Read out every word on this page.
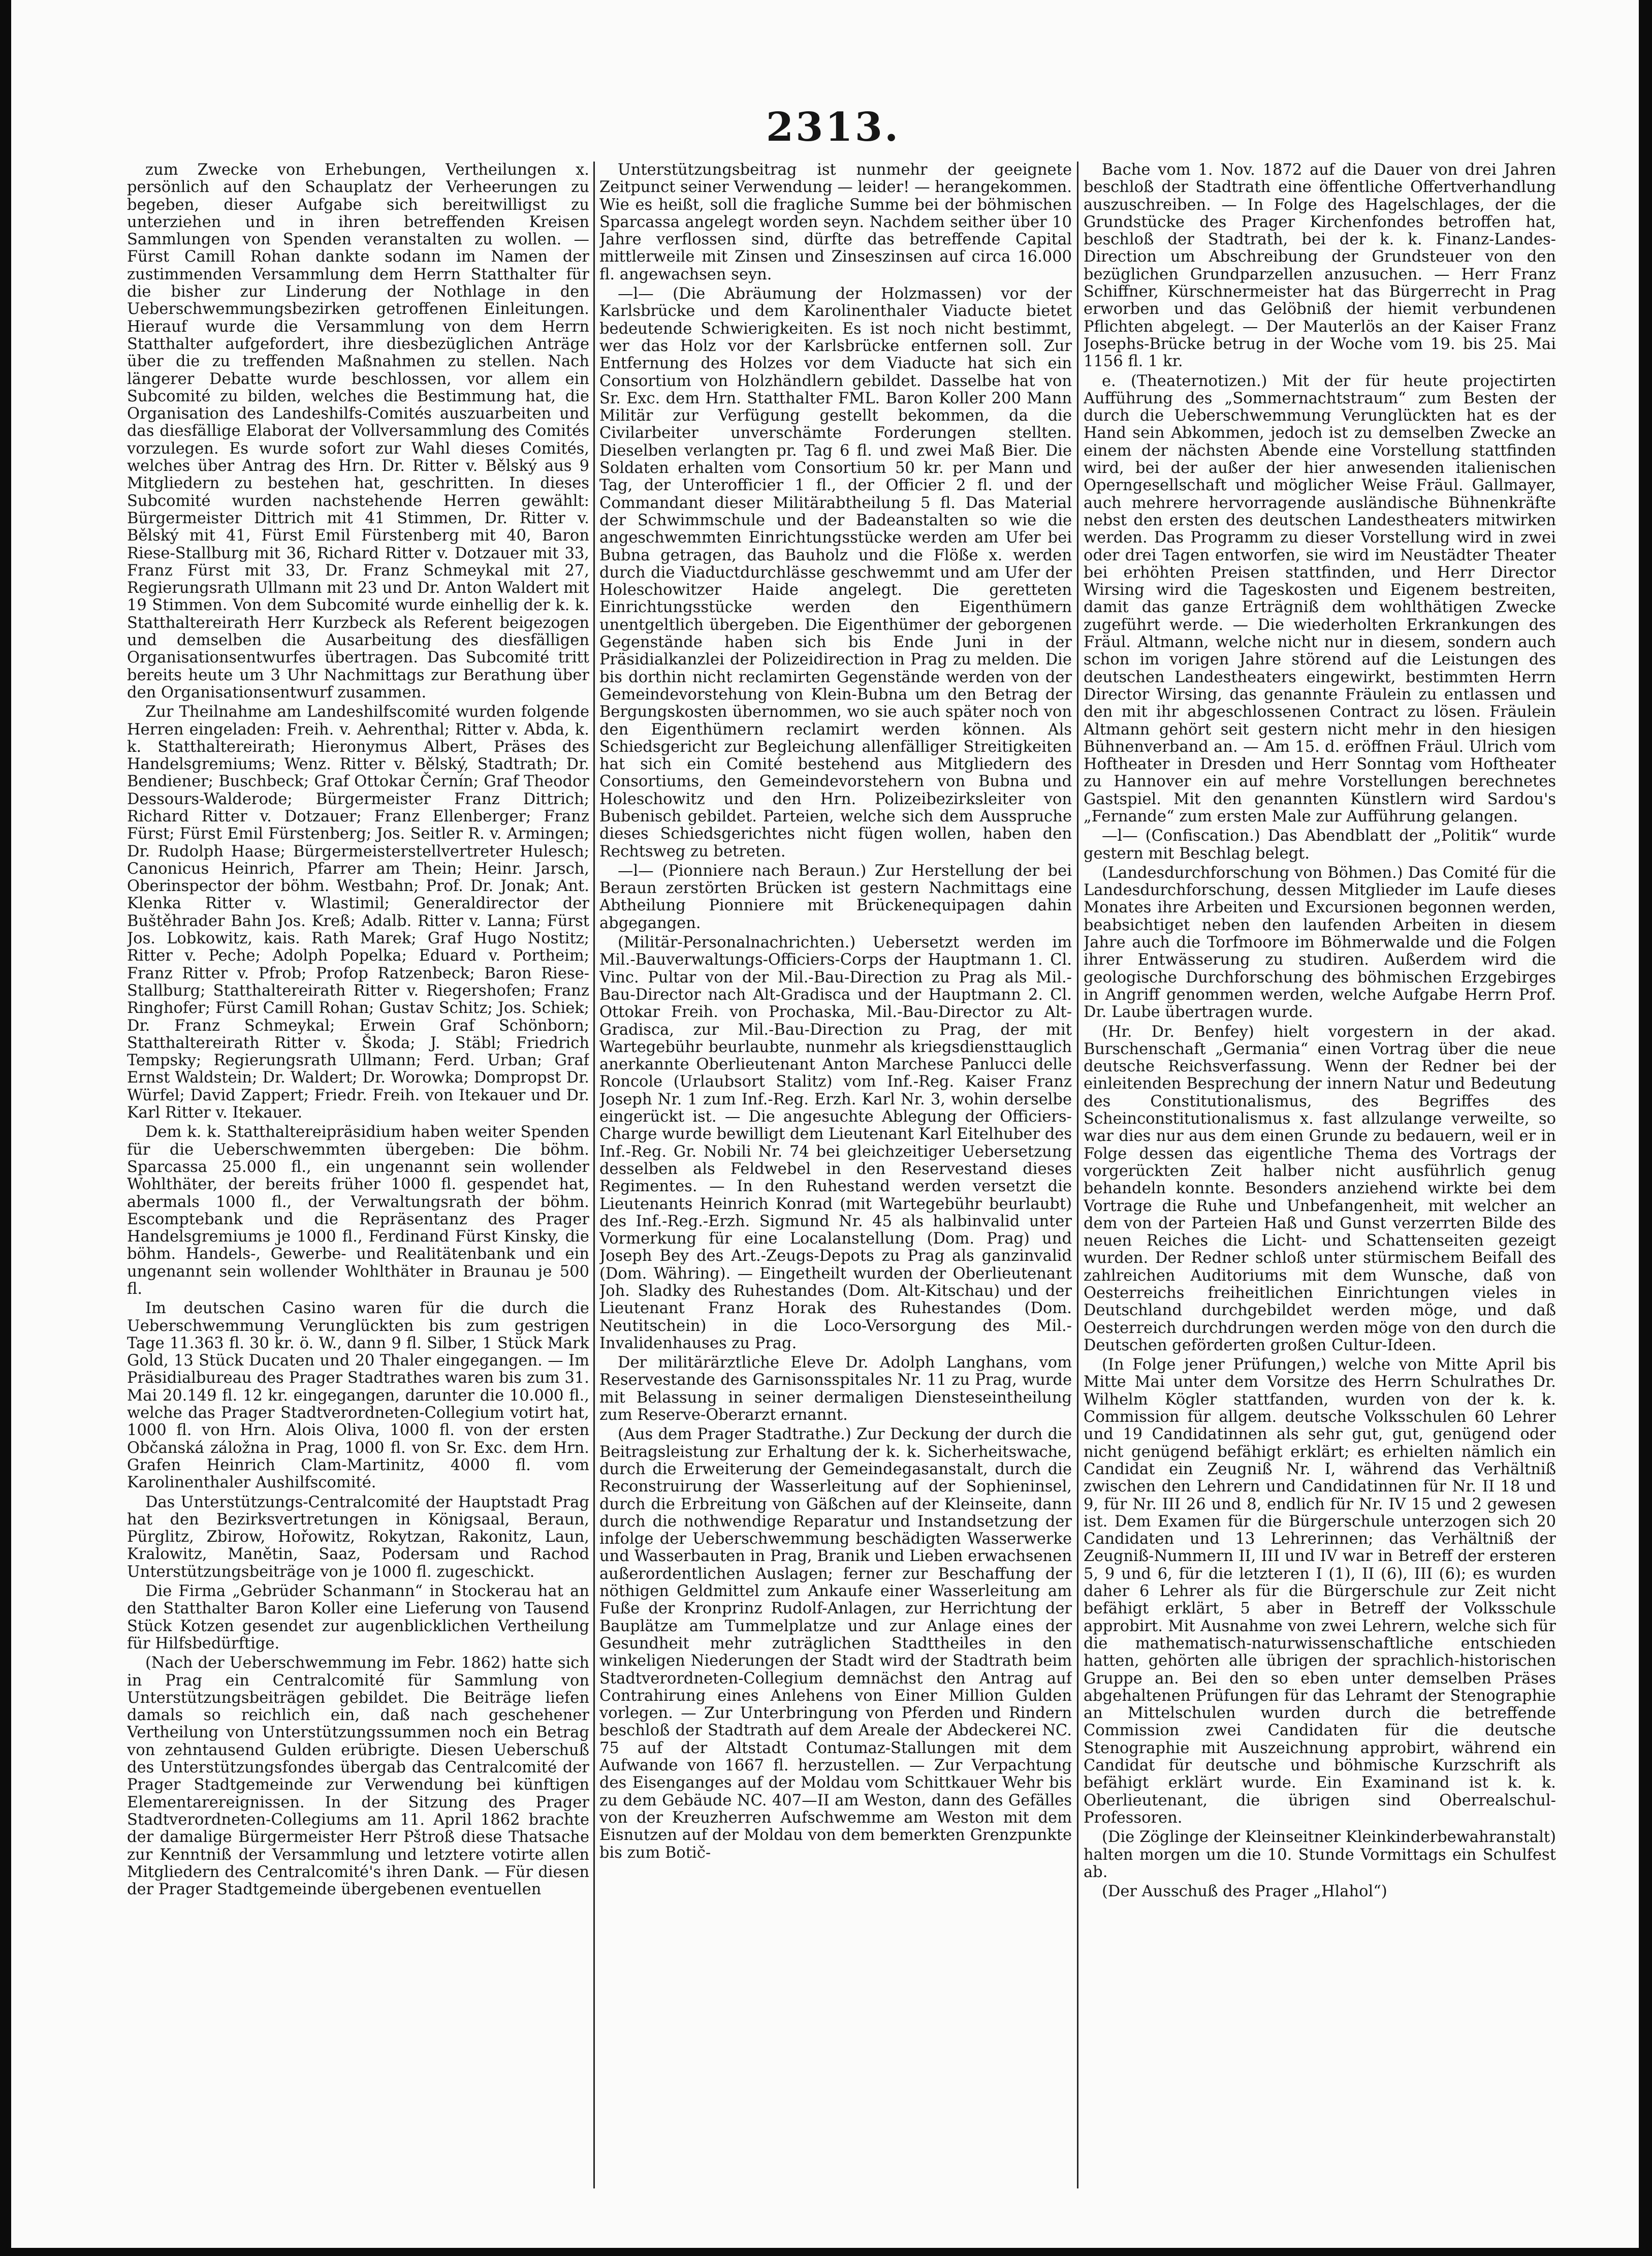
2313.

zum Zwecke von Erhebungen, Vertheilungen x. persönlich auf den Schauplatz der Verheerungen zu begeben, dieser Aufgabe sich bereitwilligst zu unterziehen und in ihren betreffenden Kreisen Sammlungen von Spenden veranstalten zu wollen. — Fürst Camill Rohan dankte sodann im Namen der zustimmenden Versammlung dem Herrn Statthalter für die bisher zur Linderung der Nothlage in den Ueberschwemmungsbezirken getroffenen Einleitungen. Hierauf wurde die Versammlung von dem Herrn Statthalter aufgefordert, ihre diesbezüglichen Anträge über die zu treffenden Maßnahmen zu stellen. Nach längerer Debatte wurde beschlossen, vor allem ein Subcomité zu bilden, welches die Bestimmung hat, die Organisation des Landeshilfs-Comités auszuarbeiten und das diesfällige Elaborat der Vollversammlung des Comités vorzulegen. Es wurde sofort zur Wahl dieses Comités, welches über Antrag des Hrn. Dr. Ritter v. Bělský aus 9 Mitgliedern zu bestehen hat, geschritten. In dieses Subcomité wurden nachstehende Herren gewählt: Bürgermeister Dittrich mit 41 Stimmen, Dr. Ritter v. Bělský mit 41, Fürst Emil Fürstenberg mit 40, Baron Riese-Stallburg mit 36, Richard Ritter v. Dotzauer mit 33, Franz Fürst mit 33, Dr. Franz Schmeykal mit 27, Regierungsrath Ullmann mit 23 und Dr. Anton Waldert mit 19 Stimmen. Von dem Subcomité wurde einhellig der k. k. Statthaltereirath Herr Kurzbeck als Referent beigezogen und demselben die Ausarbeitung des diesfälligen Organisationsentwurfes übertragen. Das Subcomité tritt bereits heute um 3 Uhr Nachmittags zur Berathung über den Organisationsentwurf zusammen.

Zur Theilnahme am Landeshilfscomité wurden folgende Herren eingeladen: Freih. v. Aehrenthal; Ritter v. Abda, k. k. Statthaltereirath; Hieronymus Albert, Präses des Handelsgremiums; Wenz. Ritter v. Bělský, Stadtrath; Dr. Bendiener; Buschbeck; Graf Ottokar Černín; Graf Theodor Dessours-Walderode; Bürgermeister Franz Dittrich; Richard Ritter v. Dotzauer; Franz Ellenberger; Franz Fürst; Fürst Emil Fürstenberg; Jos. Seitler R. v. Armingen; Dr. Rudolph Haase; Bürgermeisterstellvertreter Hulesch; Canonicus Heinrich, Pfarrer am Thein; Heinr. Jarsch, Oberinspector der böhm. Westbahn; Prof. Dr. Jonak; Ant. Klenka Ritter v. Wlastimil; Generaldirector der Buštěhrader Bahn Jos. Kreß; Adalb. Ritter v. Lanna; Fürst Jos. Lobkowitz, kais. Rath Marek; Graf Hugo Nostitz; Ritter v. Peche; Adolph Popelka; Eduard v. Portheim; Franz Ritter v. Pfrob; Profop Ratzenbeck; Baron Riese-Stallburg; Statthaltereirath Ritter v. Riegershofen; Franz Ringhofer; Fürst Camill Rohan; Gustav Schitz; Jos. Schiek; Dr. Franz Schmeykal; Erwein Graf Schönborn; Statthaltereirath Ritter v. Škoda; J. Stäbl; Friedrich Tempsky; Regierungsrath Ullmann; Ferd. Urban; Graf Ernst Waldstein; Dr. Waldert; Dr. Worowka; Dompropst Dr. Würfel; David Zappert; Friedr. Freih. von Itekauer und Dr. Karl Ritter v. Itekauer.

Dem k. k. Statthaltereipräsidium haben weiter Spenden für die Ueberschwemmten übergeben: Die böhm. Sparcassa 25.000 fl., ein ungenannt sein wollender Wohlthäter, der bereits früher 1000 fl. gespendet hat, abermals 1000 fl., der Verwaltungsrath der böhm. Escomptebank und die Repräsentanz des Prager Handelsgremiums je 1000 fl., Ferdinand Fürst Kinsky, die böhm. Handels-, Gewerbe- und Realitätenbank und ein ungenannt sein wollender Wohlthäter in Braunau je 500 fl.

Im deutschen Casino waren für die durch die Ueberschwemmung Verunglückten bis zum gestrigen Tage 11.363 fl. 30 kr. ö. W., dann 9 fl. Silber, 1 Stück Mark Gold, 13 Stück Ducaten und 20 Thaler eingegangen. — Im Präsidialbureau des Prager Stadtrathes waren bis zum 31. Mai 20.149 fl. 12 kr. eingegangen, darunter die 10.000 fl., welche das Prager Stadtverordneten-Collegium votirt hat, 1000 fl. von Hrn. Alois Oliva, 1000 fl. von der ersten Občanská záložna in Prag, 1000 fl. von Sr. Exc. dem Hrn. Grafen Heinrich Clam-Martinitz, 4000 fl. vom Karolinenthaler Aushilfscomité.

Das Unterstützungs-Centralcomité der Hauptstadt Prag hat den Bezirksvertretungen in Königsaal, Beraun, Pürglitz, Zbirow, Hořowitz, Rokytzan, Rakonitz, Laun, Kralowitz, Manětin, Saaz, Podersam und Rachod Unterstützungsbeiträge von je 1000 fl. zugeschickt.

Die Firma „Gebrüder Schanmann“ in Stockerau hat an den Statthalter Baron Koller eine Lieferung von Tausend Stück Kotzen gesendet zur augenblicklichen Vertheilung für Hilfsbedürftige.

(Nach der Ueberschwemmung im Febr. 1862) hatte sich in Prag ein Centralcomité für Sammlung von Unterstützungsbeiträgen gebildet. Die Beiträge liefen damals so reichlich ein, daß nach geschehener Vertheilung von Unterstützungssummen noch ein Betrag von zehntausend Gulden erübrigte. Diesen Ueberschuß des Unterstützungsfondes übergab das Centralcomité der Prager Stadtgemeinde zur Verwendung bei künftigen Elementarereignissen. In der Sitzung des Prager Stadtverordneten-Collegiums am 11. April 1862 brachte der damalige Bürgermeister Herr Pštroß diese Thatsache zur Kenntniß der Versammlung und letztere votirte allen Mitgliedern des Centralcomité's ihren Dank. — Für diesen der Prager Stadtgemeinde übergebenen eventuellen

Unterstützungsbeitrag ist nunmehr der geeignete Zeitpunct seiner Verwendung — leider! — herangekommen. Wie es heißt, soll die fragliche Summe bei der böhmischen Sparcassa angelegt worden seyn. Nachdem seither über 10 Jahre verflossen sind, dürfte das betreffende Capital mittlerweile mit Zinsen und Zinseszinsen auf circa 16.000 fl. angewachsen seyn.

—l— (Die Abräumung der Holzmassen) vor der Karlsbrücke und dem Karolinenthaler Viaducte bietet bedeutende Schwierigkeiten. Es ist noch nicht bestimmt, wer das Holz vor der Karlsbrücke entfernen soll. Zur Entfernung des Holzes vor dem Viaducte hat sich ein Consortium von Holzhändlern gebildet. Dasselbe hat von Sr. Exc. dem Hrn. Statthalter FML. Baron Koller 200 Mann Militär zur Verfügung gestellt bekommen, da die Civilarbeiter unverschämte Forderungen stellten. Dieselben verlangten pr. Tag 6 fl. und zwei Maß Bier. Die Soldaten erhalten vom Consortium 50 kr. per Mann und Tag, der Unterofficier 1 fl., der Officier 2 fl. und der Commandant dieser Militärabtheilung 5 fl. Das Material der Schwimmschule und der Badeanstalten so wie die angeschwemmten Einrichtungsstücke werden am Ufer bei Bubna getragen, das Bauholz und die Flöße x. werden durch die Viaductdurchlässe geschwemmt und am Ufer der Holeschowitzer Haide angelegt. Die geretteten Einrichtungsstücke werden den Eigenthümern unentgeltlich übergeben. Die Eigenthümer der geborgenen Gegenstände haben sich bis Ende Juni in der Präsidialkanzlei der Polizeidirection in Prag zu melden. Die bis dorthin nicht reclamirten Gegenstände werden von der Gemeindevorstehung von Klein-Bubna um den Betrag der Bergungskosten übernommen, wo sie auch später noch von den Eigenthümern reclamirt werden können. Als Schiedsgericht zur Begleichung allenfälliger Streitigkeiten hat sich ein Comité bestehend aus Mitgliedern des Consortiums, den Gemeindevorstehern von Bubna und Holeschowitz und den Hrn. Polizeibezirksleiter von Bubenisch gebildet. Parteien, welche sich dem Ausspruche dieses Schiedsgerichtes nicht fügen wollen, haben den Rechtsweg zu betreten.

—l— (Pionniere nach Beraun.) Zur Herstellung der bei Beraun zerstörten Brücken ist gestern Nachmittags eine Abtheilung Pionniere mit Brückenequipagen dahin abgegangen.

(Militär-Personalnachrichten.) Uebersetzt werden im Mil.-Bauverwaltungs-Officiers-Corps der Hauptmann 1. Cl. Vinc. Pultar von der Mil.-Bau-Direction zu Prag als Mil.-Bau-Director nach Alt-Gradisca und der Hauptmann 2. Cl. Ottokar Freih. von Prochaska, Mil.-Bau-Director zu Alt-Gradisca, zur Mil.-Bau-Direction zu Prag, der mit Wartegebühr beurlaubte, nunmehr als kriegsdiensttauglich anerkannte Oberlieutenant Anton Marchese Panlucci delle Roncole (Urlaubsort Stalitz) vom Inf.-Reg. Kaiser Franz Joseph Nr. 1 zum Inf.-Reg. Erzh. Karl Nr. 3, wohin derselbe eingerückt ist. — Die angesuchte Ablegung der Officiers-Charge wurde bewilligt dem Lieutenant Karl Eitelhuber des Inf.-Reg. Gr. Nobili Nr. 74 bei gleichzeitiger Uebersetzung desselben als Feldwebel in den Reservestand dieses Regimentes. — In den Ruhestand werden versetzt die Lieutenants Heinrich Konrad (mit Wartegebühr beurlaubt) des Inf.-Reg.-Erzh. Sigmund Nr. 45 als halbinvalid unter Vormerkung für eine Localanstellung (Dom. Prag) und Joseph Bey des Art.-Zeugs-Depots zu Prag als ganzinvalid (Dom. Währing). — Eingetheilt wurden der Oberlieutenant Joh. Sladky des Ruhestandes (Dom. Alt-Kitschau) und der Lieutenant Franz Horak des Ruhestandes (Dom. Neutitschein) in die Loco-Versorgung des Mil.-Invalidenhauses zu Prag.

Der militärärztliche Eleve Dr. Adolph Langhans, vom Reservestande des Garnisonsspitales Nr. 11 zu Prag, wurde mit Belassung in seiner dermaligen Diensteseintheilung zum Reserve-Oberarzt ernannt.

(Aus dem Prager Stadtrathe.) Zur Deckung der durch die Beitragsleistung zur Erhaltung der k. k. Sicherheitswache, durch die Erweiterung der Gemeindegasanstalt, durch die Reconstruirung der Wasserleitung auf der Sophieninsel, durch die Erbreitung von Gäßchen auf der Kleinseite, dann durch die nothwendige Reparatur und Instandsetzung der infolge der Ueberschwemmung beschädigten Wasserwerke und Wasserbauten in Prag, Branik und Lieben erwachsenen außerordentlichen Auslagen; ferner zur Beschaffung der nöthigen Geldmittel zum Ankaufe einer Wasserleitung am Fuße der Kronprinz Rudolf-Anlagen, zur Herrichtung der Bauplätze am Tummelplatze und zur Anlage eines der Gesundheit mehr zuträglichen Stadttheiles in den winkeligen Niederungen der Stadt wird der Stadtrath beim Stadtverordneten-Collegium demnächst den Antrag auf Contrahirung eines Anlehens von Einer Million Gulden vorlegen. — Zur Unterbringung von Pferden und Rindern beschloß der Stadtrath auf dem Areale der Abdeckerei NC. 75 auf der Altstadt Contumaz-Stallungen mit dem Aufwande von 1667 fl. herzustellen. — Zur Verpachtung des Eisenganges auf der Moldau vom Schittkauer Wehr bis zu dem Gebäude NC. 407—II am Weston, dann des Gefälles von der Kreuzherren Aufschwemme am Weston mit dem Eisnutzen auf der Moldau von dem bemerkten Grenzpunkte bis zum Botič-

Bache vom 1. Nov. 1872 auf die Dauer von drei Jahren beschloß der Stadtrath eine öffentliche Offertverhandlung auszuschreiben. — In Folge des Hagelschlages, der die Grundstücke des Prager Kirchenfondes betroffen hat, beschloß der Stadtrath, bei der k. k. Finanz-Landes-Direction um Abschreibung der Grundsteuer von den bezüglichen Grundparzellen anzusuchen. — Herr Franz Schiffner, Kürschnermeister hat das Bürgerrecht in Prag erworben und das Gelöbniß der hiemit verbundenen Pflichten abgelegt. — Der Mauterlös an der Kaiser Franz Josephs-Brücke betrug in der Woche vom 19. bis 25. Mai 1156 fl. 1 kr.

e. (Theaternotizen.) Mit der für heute projectirten Aufführung des „Sommernachtstraum“ zum Besten der durch die Ueberschwemmung Verunglückten hat es der Hand sein Abkommen, jedoch ist zu demselben Zwecke an einem der nächsten Abende eine Vorstellung stattfinden wird, bei der außer der hier anwesenden italienischen Operngesellschaft und möglicher Weise Fräul. Gallmayer, auch mehrere hervorragende ausländische Bühnenkräfte nebst den ersten des deutschen Landestheaters mitwirken werden. Das Programm zu dieser Vorstellung wird in zwei oder drei Tagen entworfen, sie wird im Neustädter Theater bei erhöhten Preisen stattfinden, und Herr Director Wirsing wird die Tageskosten und Eigenem bestreiten, damit das ganze Erträgniß dem wohlthätigen Zwecke zugeführt werde. — Die wiederholten Erkrankungen des Fräul. Altmann, welche nicht nur in diesem, sondern auch schon im vorigen Jahre störend auf die Leistungen des deutschen Landestheaters eingewirkt, bestimmten Herrn Director Wirsing, das genannte Fräulein zu entlassen und den mit ihr abgeschlossenen Contract zu lösen. Fräulein Altmann gehört seit gestern nicht mehr in den hiesigen Bühnenverband an. — Am 15. d. eröffnen Fräul. Ulrich vom Hoftheater in Dresden und Herr Sonntag vom Hoftheater zu Hannover ein auf mehre Vorstellungen berechnetes Gastspiel. Mit den genannten Künstlern wird Sardou's „Fernande“ zum ersten Male zur Aufführung gelangen.

—l— (Confiscation.) Das Abendblatt der „Politik“ wurde gestern mit Beschlag belegt.

(Landesdurchforschung von Böhmen.) Das Comité für die Landesdurchforschung, dessen Mitglieder im Laufe dieses Monates ihre Arbeiten und Excursionen begonnen werden, beabsichtiget neben den laufenden Arbeiten in diesem Jahre auch die Torfmoore im Böhmerwalde und die Folgen ihrer Entwässerung zu studiren. Außerdem wird die geologische Durchforschung des böhmischen Erzgebirges in Angriff genommen werden, welche Aufgabe Herrn Prof. Dr. Laube übertragen wurde.

(Hr. Dr. Benfey) hielt vorgestern in der akad. Burschenschaft „Germania“ einen Vortrag über die neue deutsche Reichsverfassung. Wenn der Redner bei der einleitenden Besprechung der innern Natur und Bedeutung des Constitutionalismus, des Begriffes des Scheinconstitutionalismus x. fast allzulange verweilte, so war dies nur aus dem einen Grunde zu bedauern, weil er in Folge dessen das eigentliche Thema des Vortrags der vorgerückten Zeit halber nicht ausführlich genug behandeln konnte. Besonders anziehend wirkte bei dem Vortrage die Ruhe und Unbefangenheit, mit welcher an dem von der Parteien Haß und Gunst verzerrten Bilde des neuen Reiches die Licht- und Schattenseiten gezeigt wurden. Der Redner schloß unter stürmischem Beifall des zahlreichen Auditoriums mit dem Wunsche, daß von Oesterreichs freiheitlichen Einrichtungen vieles in Deutschland durchgebildet werden möge, und daß Oesterreich durchdrungen werden möge von den durch die Deutschen geförderten großen Cultur-Ideen.

(In Folge jener Prüfungen,) welche von Mitte April bis Mitte Mai unter dem Vorsitze des Herrn Schulrathes Dr. Wilhelm Kögler stattfanden, wurden von der k. k. Commission für allgem. deutsche Volksschulen 60 Lehrer und 19 Candidatinnen als sehr gut, gut, genügend oder nicht genügend befähigt erklärt; es erhielten nämlich ein Candidat ein Zeugniß Nr. I, während das Verhältniß zwischen den Lehrern und Candidatinnen für Nr. II 18 und 9, für Nr. III 26 und 8, endlich für Nr. IV 15 und 2 gewesen ist. Dem Examen für die Bürgerschule unterzogen sich 20 Candidaten und 13 Lehrerinnen; das Verhältniß der Zeugniß-Nummern II, III und IV war in Betreff der ersteren 5, 9 und 6, für die letzteren I (1), II (6), III (6); es wurden daher 6 Lehrer als für die Bürgerschule zur Zeit nicht befähigt erklärt, 5 aber in Betreff der Volksschule approbirt. Mit Ausnahme von zwei Lehrern, welche sich für die mathematisch-naturwissenschaftliche entschieden hatten, gehörten alle übrigen der sprachlich-historischen Gruppe an. Bei den so eben unter demselben Präses abgehaltenen Prüfungen für das Lehramt der Stenographie an Mittelschulen wurden durch die betreffende Commission zwei Candidaten für die deutsche Stenographie mit Auszeichnung approbirt, während ein Candidat für deutsche und böhmische Kurzschrift als befähigt erklärt wurde. Ein Examinand ist k. k. Oberlieutenant, die übrigen sind Oberrealschul-Professoren.

(Die Zöglinge der Kleinseitner Kleinkinderbewahranstalt) halten morgen um die 10. Stunde Vormittags ein Schulfest ab.

(Der Ausschuß des Prager „Hlahol“)
